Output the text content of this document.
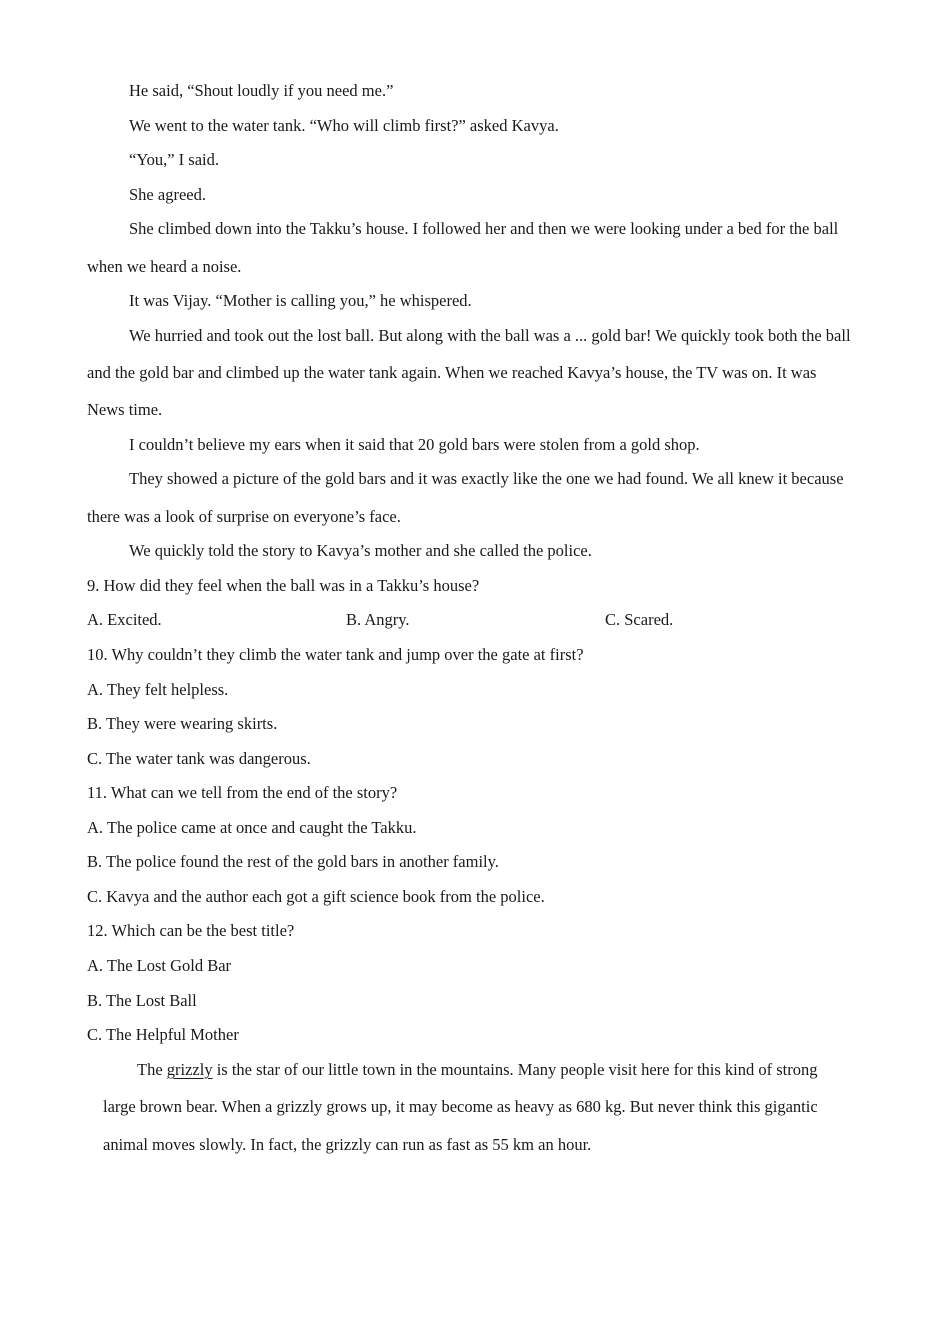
He said, “Shout loudly if you need me.”
We went to the water tank. “Who will climb first?” asked Kavya.
“You,” I said.
She agreed.
She climbed down into the Takku’s house. I followed her and then we were looking under a bed for the ball
when we heard a noise.
It was Vijay. “Mother is calling you,” he whispered.
We hurried and took out the lost ball. But along with the ball was a ... gold bar! We quickly took both the ball
and the gold bar and climbed up the water tank again. When we reached Kavya’s house, the TV was on. It was
News time.
I couldn’t believe my ears when it said that 20 gold bars were stolen from a gold shop.
They showed a picture of the gold bars and it was exactly like the one we had found. We all knew it because
there was a look of surprise on everyone’s face.
We quickly told the story to Kavya’s mother and she called the police.
9. How did they feel when the ball was in a Takku’s house?
A. Excited.	B. Angry.	C. Scared.
10. Why couldn’t they climb the water tank and jump over the gate at first?
A. They felt helpless.
B. They were wearing skirts.
C. The water tank was dangerous.
11. What can we tell from the end of the story?
A. The police came at once and caught the Takku.
B. The police found the rest of the gold bars in another family.
C. Kavya and the author each got a gift science book from the police.
12. Which can be the best title?
A. The Lost Gold Bar
B. The Lost Ball
C. The Helpful Mother
The grizzly is the star of our little town in the mountains. Many people visit here for this kind of strong
large brown bear. When a grizzly grows up, it may become as heavy as 680 kg. But never think this gigantic
animal moves slowly. In fact, the grizzly can run as fast as 55 km an hour.
